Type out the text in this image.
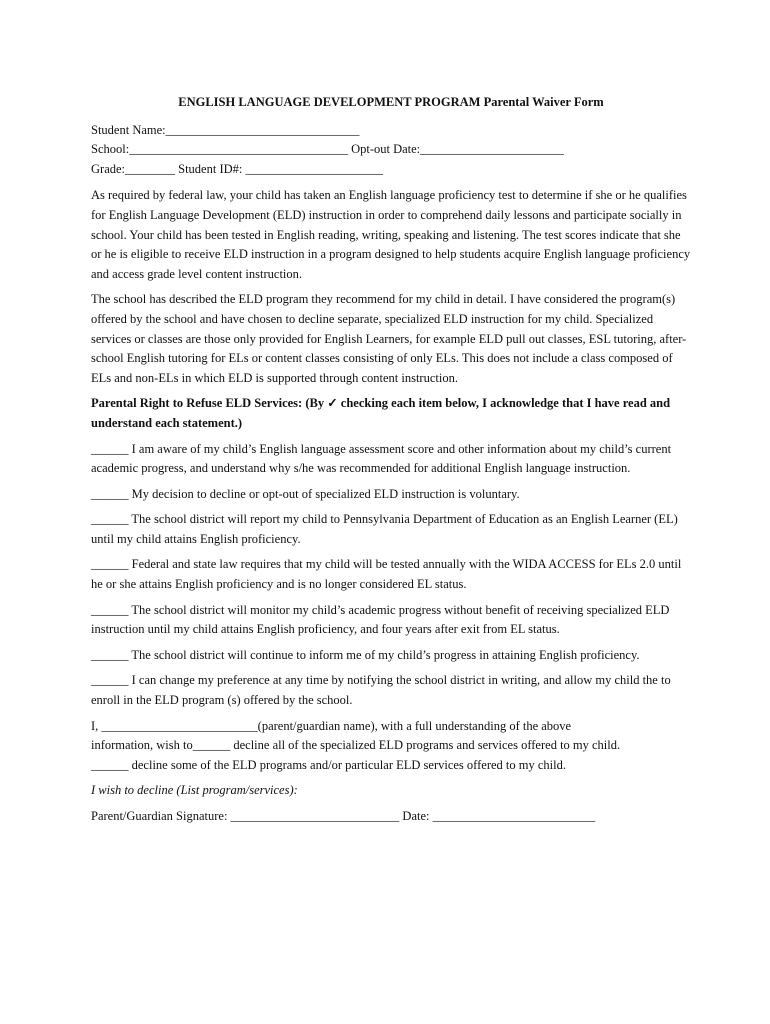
ENGLISH LANGUAGE DEVELOPMENT PROGRAM Parental Waiver Form
Student Name:_______________________________
School:___________________________________ Opt-out Date:_______________________
Grade:________ Student ID#: ______________________

As required by federal law, your child has taken an English language proficiency test to determine if she or he qualifies for English Language Development (ELD) instruction in order to comprehend daily lessons and participate socially in school. Your child has been tested in English reading, writing, speaking and listening. The test scores indicate that she or he is eligible to receive ELD instruction in a program designed to help students acquire English language proficiency and access grade level content instruction.

The school has described the ELD program they recommend for my child in detail. I have considered the program(s) offered by the school and have chosen to decline separate, specialized ELD instruction for my child. Specialized services or classes are those only provided for English Learners, for example ELD pull out classes, ESL tutoring, after- school English tutoring for ELs or content classes consisting of only ELs. This does not include a class composed of ELs and non-ELs in which ELD is supported through content instruction.

Parental Right to Refuse ELD Services: (By ✓ checking each item below, I acknowledge that I have read and understand each statement.)

______ I am aware of my child’s English language assessment score and other information about my child’s current academic progress, and understand why s/he was recommended for additional English language instruction.

______ My decision to decline or opt-out of specialized ELD instruction is voluntary.

______ The school district will report my child to Pennsylvania Department of Education as an English Learner (EL) until my child attains English proficiency.

______ Federal and state law requires that my child will be tested annually with the WIDA ACCESS for ELs 2.0 until he or she attains English proficiency and is no longer considered EL status.

______ The school district will monitor my child’s academic progress without benefit of receiving specialized ELD instruction until my child attains English proficiency, and four years after exit from EL status.

______ The school district will continue to inform me of my child’s progress in attaining English proficiency.

______ I can change my preference at any time by notifying the school district in writing, and allow my child the to enroll in the ELD program (s) offered by the school.

I, _________________________(parent/guardian name), with a full understanding of the above
information, wish to______ decline all of the specialized ELD programs and services offered to my child.
______ decline some of the ELD programs and/or particular ELD services offered to my child.

I wish to decline (List program/services):

Parent/Guardian Signature: ___________________________ Date: __________________________
